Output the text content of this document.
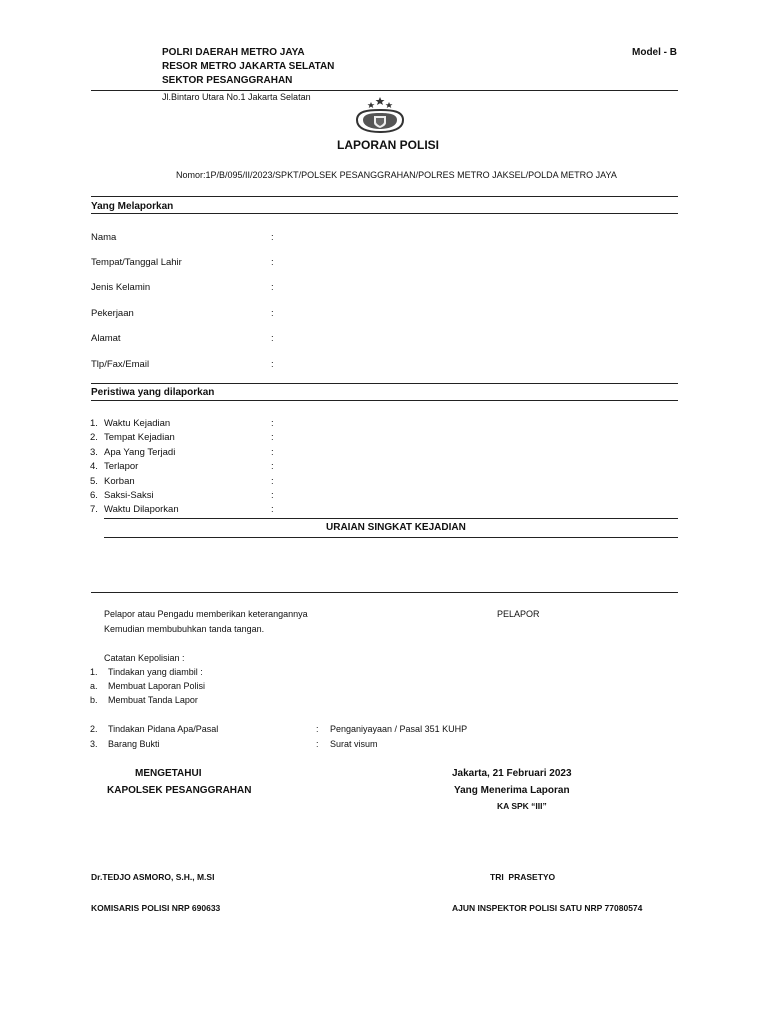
POLRI DAERAH METRO JAYA
RESOR METRO JAKARTA SELATAN
SEKTOR PESANGGRAHAN
Model - B
Jl.Bintaro Utara No.1 Jakarta Selatan
LAPORAN POLISI
Nomor:1P/B/095/II/2023/SPKT/POLSEK PESANGGRAHAN/POLRES METRO JAKSEL/POLDA METRO JAYA
Yang Melaporkan
Nama	:
Tempat/Tanggal Lahir	:
Jenis Kelamin	:
Pekerjaan	:
Alamat	:
Tlp/Fax/Email	:
Peristiwa yang dilaporkan
1. Waktu Kejadian	:
2. Tempat Kejadian	:
3. Apa Yang Terjadi	:
4. Terlapor	:
5. Korban	:
6. Saksi-Saksi	:
7. Waktu Dilaporkan	:
URAIAN SINGKAT KEJADIAN
Pelapor atau Pengadu memberikan keterangannya
Kemudian membubuhkan tanda tangan.
PELAPOR
Catatan Kepolisian :
1. Tindakan yang diambil :
a. Membuat Laporan Polisi
b. Membuat Tanda Lapor
2. Tindakan Pidana Apa/Pasal	: Penganiyayaan / Pasal 351 KUHP
3. Barang Bukti	: Surat visum
MENGETAHUI
KAPOLSEK PESANGGRAHAN
Jakarta, 21 Februari 2023
Yang Menerima Laporan
KA SPK “III”
Dr.TEDJO ASMORO, S.H., M.SI	TRI  PRASETYO
KOMISARIS POLISI NRP 690633	AJUN INSPEKTOR POLISI SATU NRP 77080574
